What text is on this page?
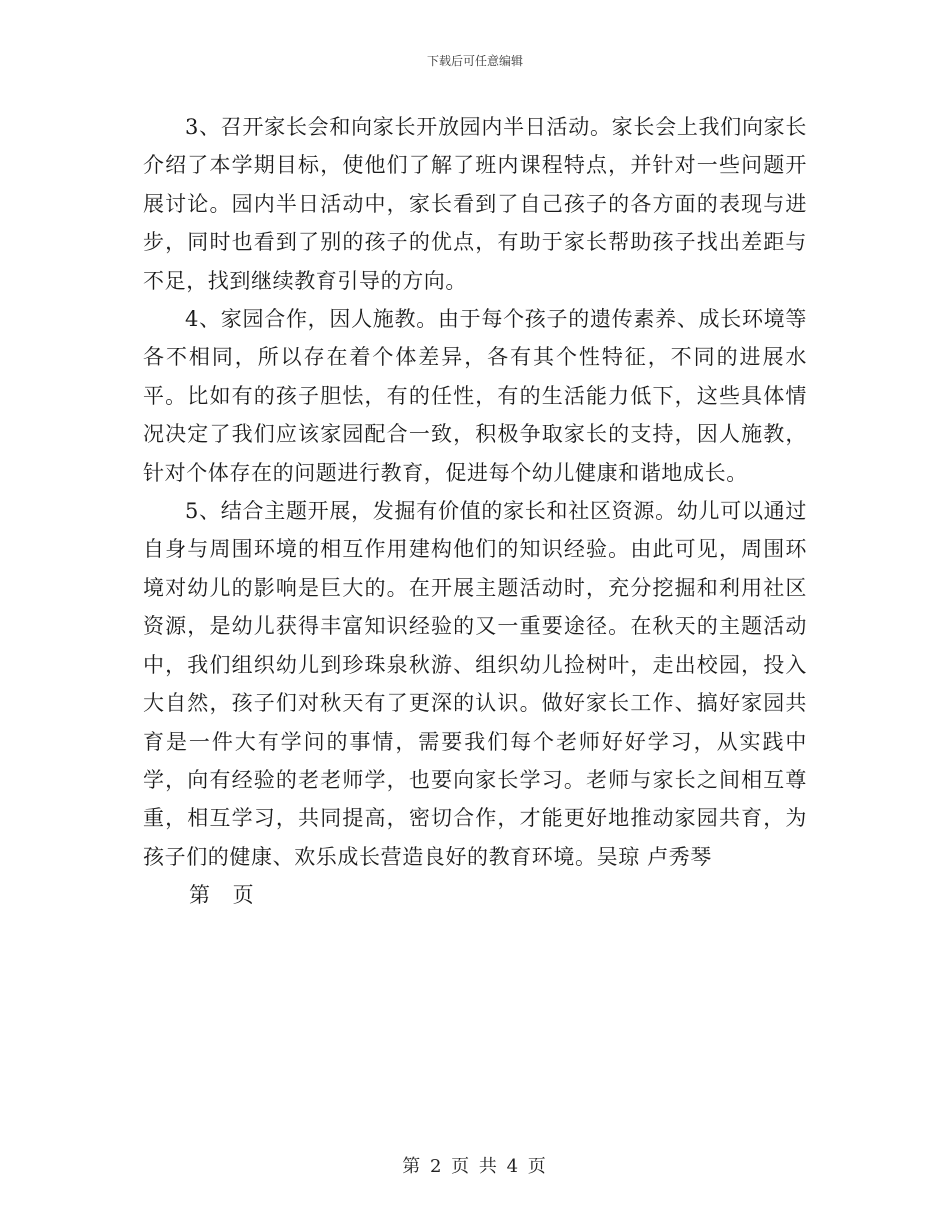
下载后可任意编辑

3、召开家长会和向家长开放园内半日活动。家长会上我们向家长介绍了本学期目标，使他们了解了班内课程特点，并针对一些问题开展讨论。园内半日活动中，家长看到了自己孩子的各方面的表现与进步，同时也看到了别的孩子的优点，有助于家长帮助孩子找出差距与不足，找到继续教育引导的方向。

4、家园合作，因人施教。由于每个孩子的遗传素养、成长环境等各不相同，所以存在着个体差异，各有其个性特征，不同的进展水平。比如有的孩子胆怯，有的任性，有的生活能力低下，这些具体情况决定了我们应该家园配合一致，积极争取家长的支持，因人施教，针对个体存在的问题进行教育，促进每个幼儿健康和谐地成长。

5、结合主题开展，发掘有价值的家长和社区资源。幼儿可以通过自身与周围环境的相互作用建构他们的知识经验。由此可见，周围环境对幼儿的影响是巨大的。在开展主题活动时，充分挖掘和利用社区资源，是幼儿获得丰富知识经验的又一重要途径。在秋天的主题活动中，我们组织幼儿到珍珠泉秋游、组织幼儿捡树叶，走出校园，投入大自然，孩子们对秋天有了更深的认识。做好家长工作、搞好家园共育是一件大有学问的事情，需要我们每个老师好好学习，从实践中学，向有经验的老老师学，也要向家长学习。老师与家长之间相互尊重，相互学习，共同提高，密切合作，才能更好地推动家园共育，为孩子们的健康、欢乐成长营造良好的教育环境。吴琼 卢秀琴

第 页

第 2 页 共 4 页
